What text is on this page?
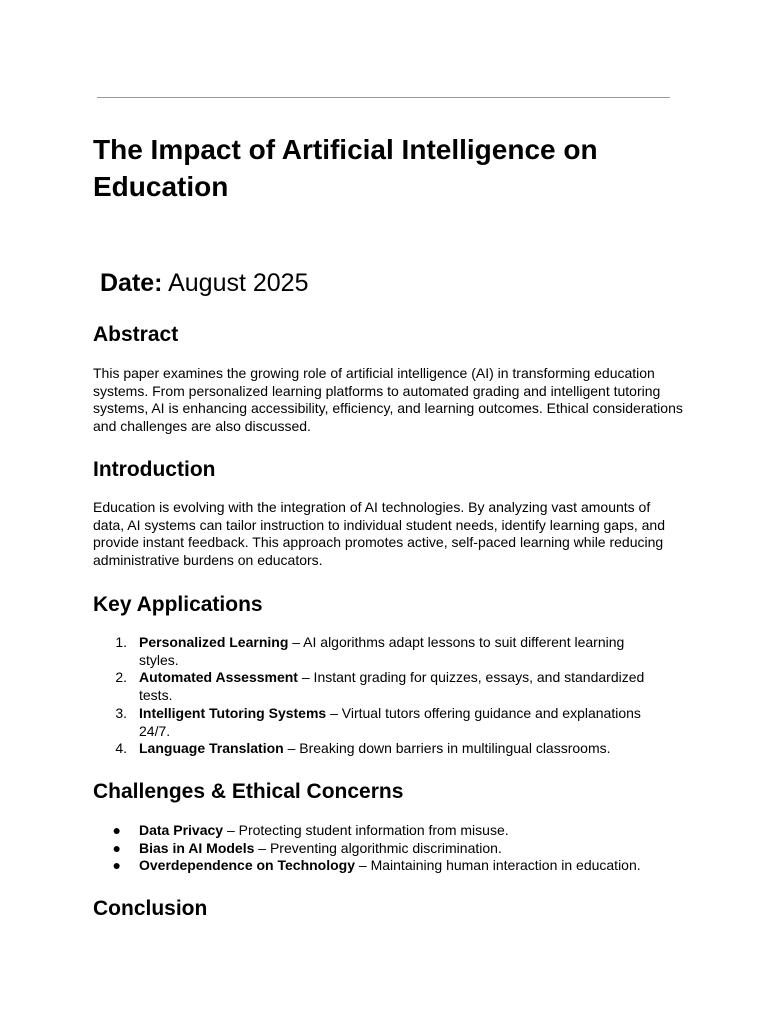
The Impact of Artificial Intelligence on Education

Date: August 2025

Abstract

This paper examines the growing role of artificial intelligence (AI) in transforming education systems. From personalized learning platforms to automated grading and intelligent tutoring systems, AI is enhancing accessibility, efficiency, and learning outcomes. Ethical considerations and challenges are also discussed.

Introduction

Education is evolving with the integration of AI technologies. By analyzing vast amounts of data, AI systems can tailor instruction to individual student needs, identify learning gaps, and provide instant feedback. This approach promotes active, self-paced learning while reducing administrative burdens on educators.

Key Applications
1. Personalized Learning – AI algorithms adapt lessons to suit different learning styles.
2. Automated Assessment – Instant grading for quizzes, essays, and standardized tests.
3. Intelligent Tutoring Systems – Virtual tutors offering guidance and explanations 24/7.
4. Language Translation – Breaking down barriers in multilingual classrooms.
Challenges & Ethical Concerns
● Data Privacy – Protecting student information from misuse.
● Bias in AI Models – Preventing algorithmic discrimination.
● Overdependence on Technology – Maintaining human interaction in education.
Conclusion
